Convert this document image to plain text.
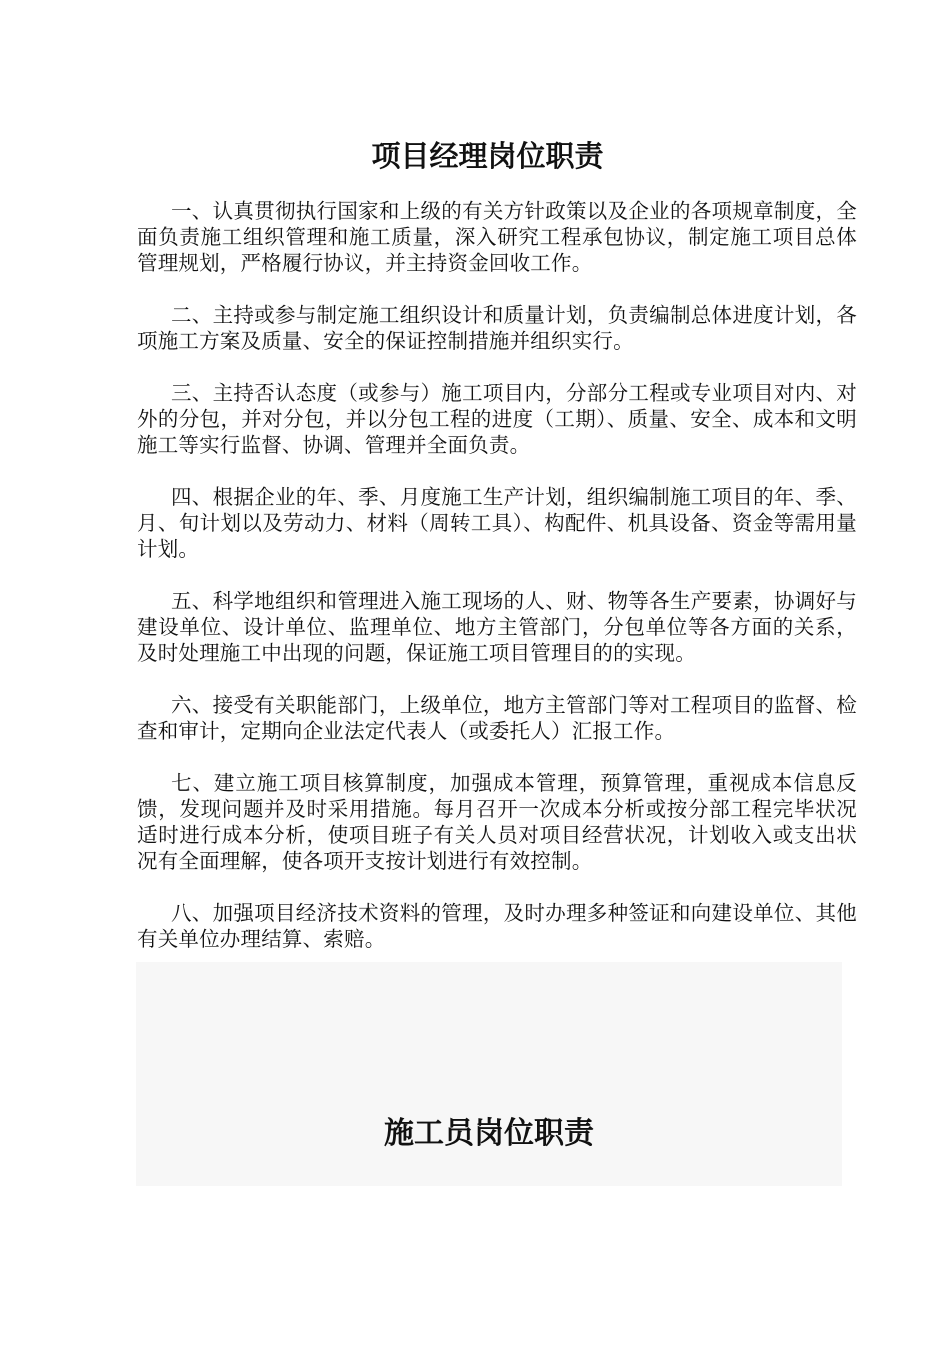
项目经理岗位职责

一、认真贯彻执行国家和上级的有关方针政策以及企业的各项规章制度，全面负责施工组织管理和施工质量，深入研究工程承包协议，制定施工项目总体管理规划，严格履行协议，并主持资金回收工作。

二、主持或参与制定施工组织设计和质量计划，负责编制总体进度计划，各项施工方案及质量、安全的保证控制措施并组织实行。

三、主持否认态度（或参与）施工项目内，分部分工程或专业项目对内、对外的分包，并对分包，并以分包工程的进度（工期）、质量、安全、成本和文明施工等实行监督、协调、管理并全面负责。

四、根据企业的年、季、月度施工生产计划，组织编制施工项目的年、季、月、旬计划以及劳动力、材料（周转工具）、构配件、机具设备、资金等需用量计划。

五、科学地组织和管理进入施工现场的人、财、物等各生产要素，协调好与建设单位、设计单位、监理单位、地方主管部门，分包单位等各方面的关系，及时处理施工中出现的问题，保证施工项目管理目的的实现。

六、接受有关职能部门，上级单位，地方主管部门等对工程项目的监督、检查和审计，定期向企业法定代表人（或委托人）汇报工作。

七、建立施工项目核算制度，加强成本管理，预算管理，重视成本信息反馈，发现问题并及时采用措施。每月召开一次成本分析或按分部工程完毕状况适时进行成本分析，使项目班子有关人员对项目经营状况，计划收入或支出状况有全面理解，使各项开支按计划进行有效控制。

八、加强项目经济技术资料的管理，及时办理多种签证和向建设单位、其他有关单位办理结算、索赔。

施工员岗位职责
